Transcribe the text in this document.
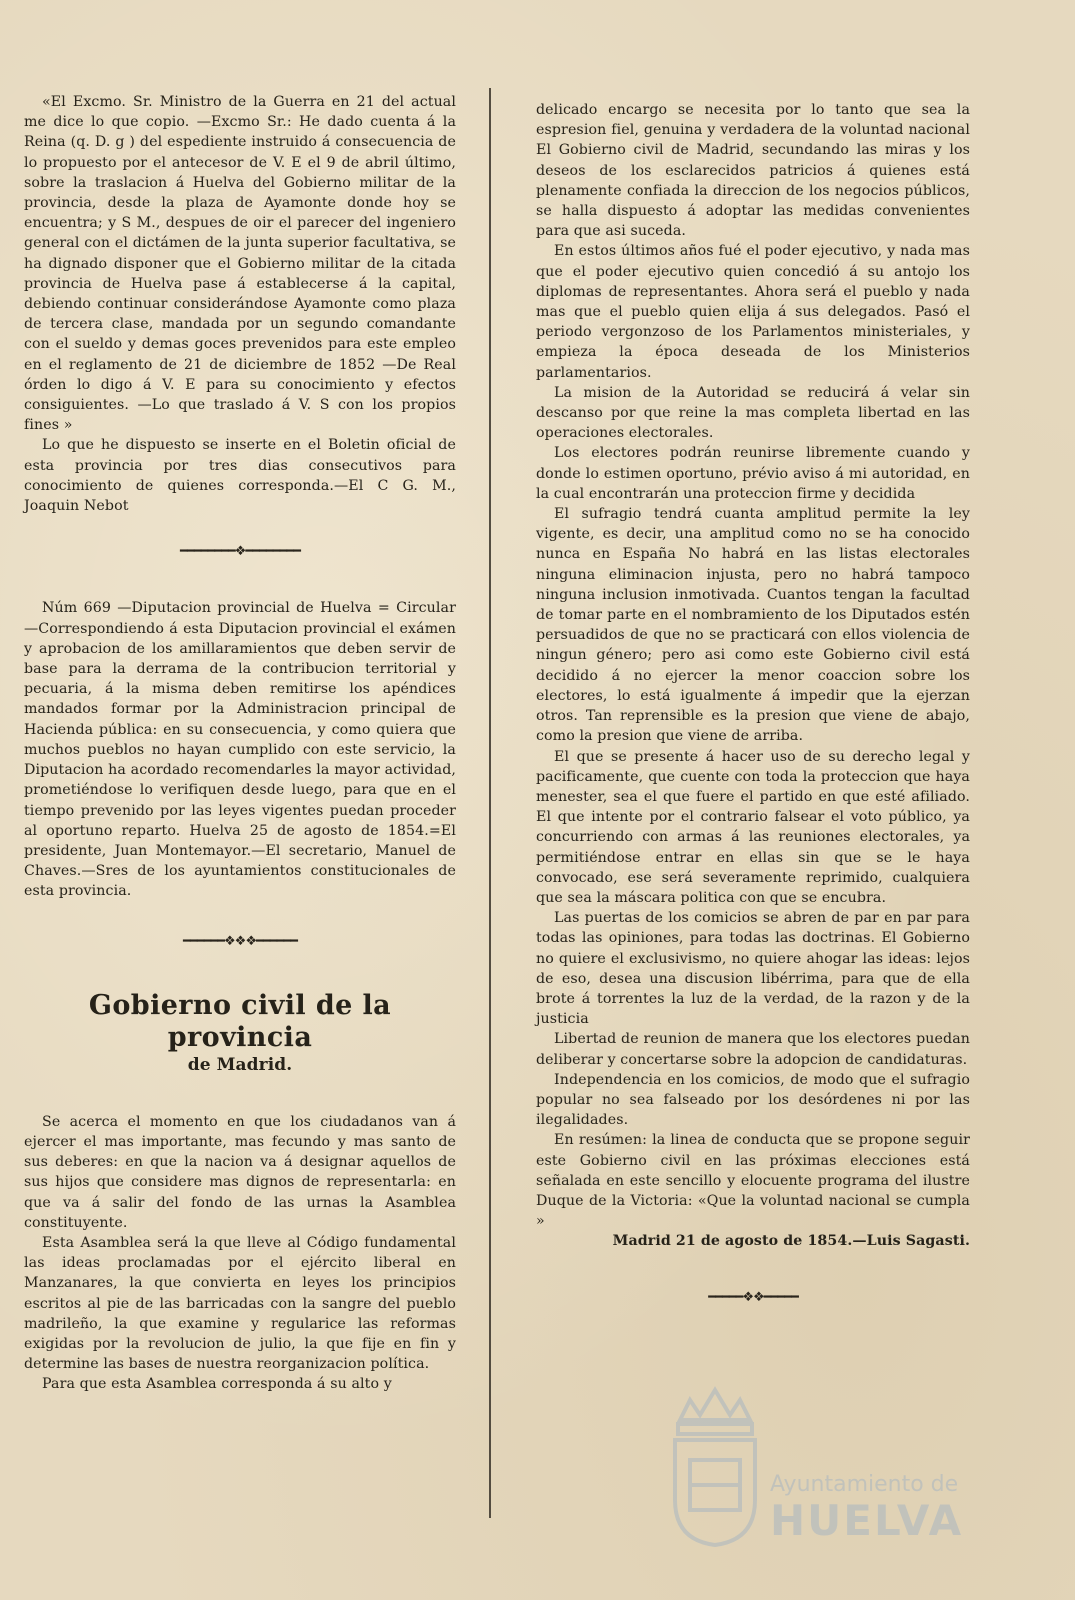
«El Excmo. Sr. Ministro de la Guerra en 21 del actual me dice lo que copio. —Excmo Sr.: He dado cuenta á la Reina (q. D. g ) del espediente instruido á consecuencia de lo propuesto por el antecesor de V. E el 9 de abril último, sobre la traslacion á Huelva del Gobierno militar de la provincia, desde la plaza de Ayamonte donde hoy se encuentra; y S M., despues de oir el parecer del ingeniero general con el dictámen de la junta superior facultativa, se ha dignado disponer que el Gobierno militar de la citada provincia de Huelva pase á establecerse á la capital, debiendo continuar considerándose Ayamonte como plaza de tercera clase, mandada por un segundo comandante con el sueldo y demas goces prevenidos para este empleo en el reglamento de 21 de diciembre de 1852 —De Real órden lo digo á V. E para su conocimiento y efectos consiguientes. —Lo que traslado á V. S con los propios fines »

Lo que he dispuesto se inserte en el Boletin oficial de esta provincia por tres dias consecutivos para conocimiento de quienes corresponda.—El C G. M., Joaquin Nebot

━━━━━━━━❖━━━━━━━━

Núm 669 —Diputacion provincial de Huelva = Circular —Correspondiendo á esta Diputacion provincial el exámen y aprobacion de los amillaramientos que deben servir de base para la derrama de la contribucion territorial y pecuaria, á la misma deben remitirse los apéndices mandados formar por la Administracion principal de Hacienda pública: en su consecuencia, y como quiera que muchos pueblos no hayan cumplido con este servicio, la Diputacion ha acordado recomendarles la mayor actividad, prometiéndose lo verifiquen desde luego, para que en el tiempo prevenido por las leyes vigentes puedan proceder al oportuno reparto. Huelva 25 de agosto de 1854.=El presidente, Juan Montemayor.—El secretario, Manuel de Chaves.—Sres de los ayuntamientos constitucionales de esta provincia.

━━━━━━❖❖❖━━━━━━

Gobierno civil de la provincia

de Madrid.

Se acerca el momento en que los ciudadanos van á ejercer el mas importante, mas fecundo y mas santo de sus deberes: en que la nacion va á designar aquellos de sus hijos que considere mas dignos de representarla: en que va á salir del fondo de las urnas la Asamblea constituyente.

Esta Asamblea será la que lleve al Código fundamental las ideas proclamadas por el ejército liberal en Manzanares, la que convierta en leyes los principios escritos al pie de las barricadas con la sangre del pueblo madrileño, la que examine y regularice las reformas exigidas por la revolucion de julio, la que fije en fin y determine las bases de nuestra reorganizacion política.

Para que esta Asamblea corresponda á su alto y

delicado encargo se necesita por lo tanto que sea la espresion fiel, genuina y verdadera de la voluntad nacional El Gobierno civil de Madrid, secundando las miras y los deseos de los esclarecidos patricios á quienes está plenamente confiada la direccion de los negocios públicos, se halla dispuesto á adoptar las medidas convenientes para que asi suceda.

En estos últimos años fué el poder ejecutivo, y nada mas que el poder ejecutivo quien concedió á su antojo los diplomas de representantes. Ahora será el pueblo y nada mas que el pueblo quien elija á sus delegados. Pasó el periodo vergonzoso de los Parlamentos ministeriales, y empieza la época deseada de los Ministerios parlamentarios.

La mision de la Autoridad se reducirá á velar sin descanso por que reine la mas completa libertad en las operaciones electorales.

Los electores podrán reunirse libremente cuando y donde lo estimen oportuno, prévio aviso á mi autoridad, en la cual encontrarán una proteccion firme y decidida

El sufragio tendrá cuanta amplitud permite la ley vigente, es decir, una amplitud como no se ha conocido nunca en España No habrá en las listas electorales ninguna eliminacion injusta, pero no habrá tampoco ninguna inclusion inmotivada. Cuantos tengan la facultad de tomar parte en el nombramiento de los Diputados estén persuadidos de que no se practicará con ellos violencia de ningun género; pero asi como este Gobierno civil está decidido á no ejercer la menor coaccion sobre los electores, lo está igualmente á impedir que la ejerzan otros. Tan reprensible es la presion que viene de abajo, como la presion que viene de arriba.

El que se presente á hacer uso de su derecho legal y pacificamente, que cuente con toda la proteccion que haya menester, sea el que fuere el partido en que esté afiliado. El que intente por el contrario falsear el voto público, ya concurriendo con armas á las reuniones electorales, ya permitiéndose entrar en ellas sin que se le haya convocado, ese será severamente reprimido, cualquiera que sea la máscara politica con que se encubra.

Las puertas de los comicios se abren de par en par para todas las opiniones, para todas las doctrinas. El Gobierno no quiere el exclusivismo, no quiere ahogar las ideas: lejos de eso, desea una discusion libérrima, para que de ella brote á torrentes la luz de la verdad, de la razon y de la justicia

Libertad de reunion de manera que los electores puedan deliberar y concertarse sobre la adopcion de candidaturas.

Independencia en los comicios, de modo que el sufragio popular no sea falseado por los desórdenes ni por las ilegalidades.

En resúmen: la linea de conducta que se propone seguir este Gobierno civil en las próximas elecciones está señalada en este sencillo y elocuente programa del ilustre Duque de la Victoria: «Que la voluntad nacional se cumpla »

Madrid 21 de agosto de 1854.—Luis Sagasti.

━━━━━❖❖━━━━━

Ayuntamiento de
HUELVA
